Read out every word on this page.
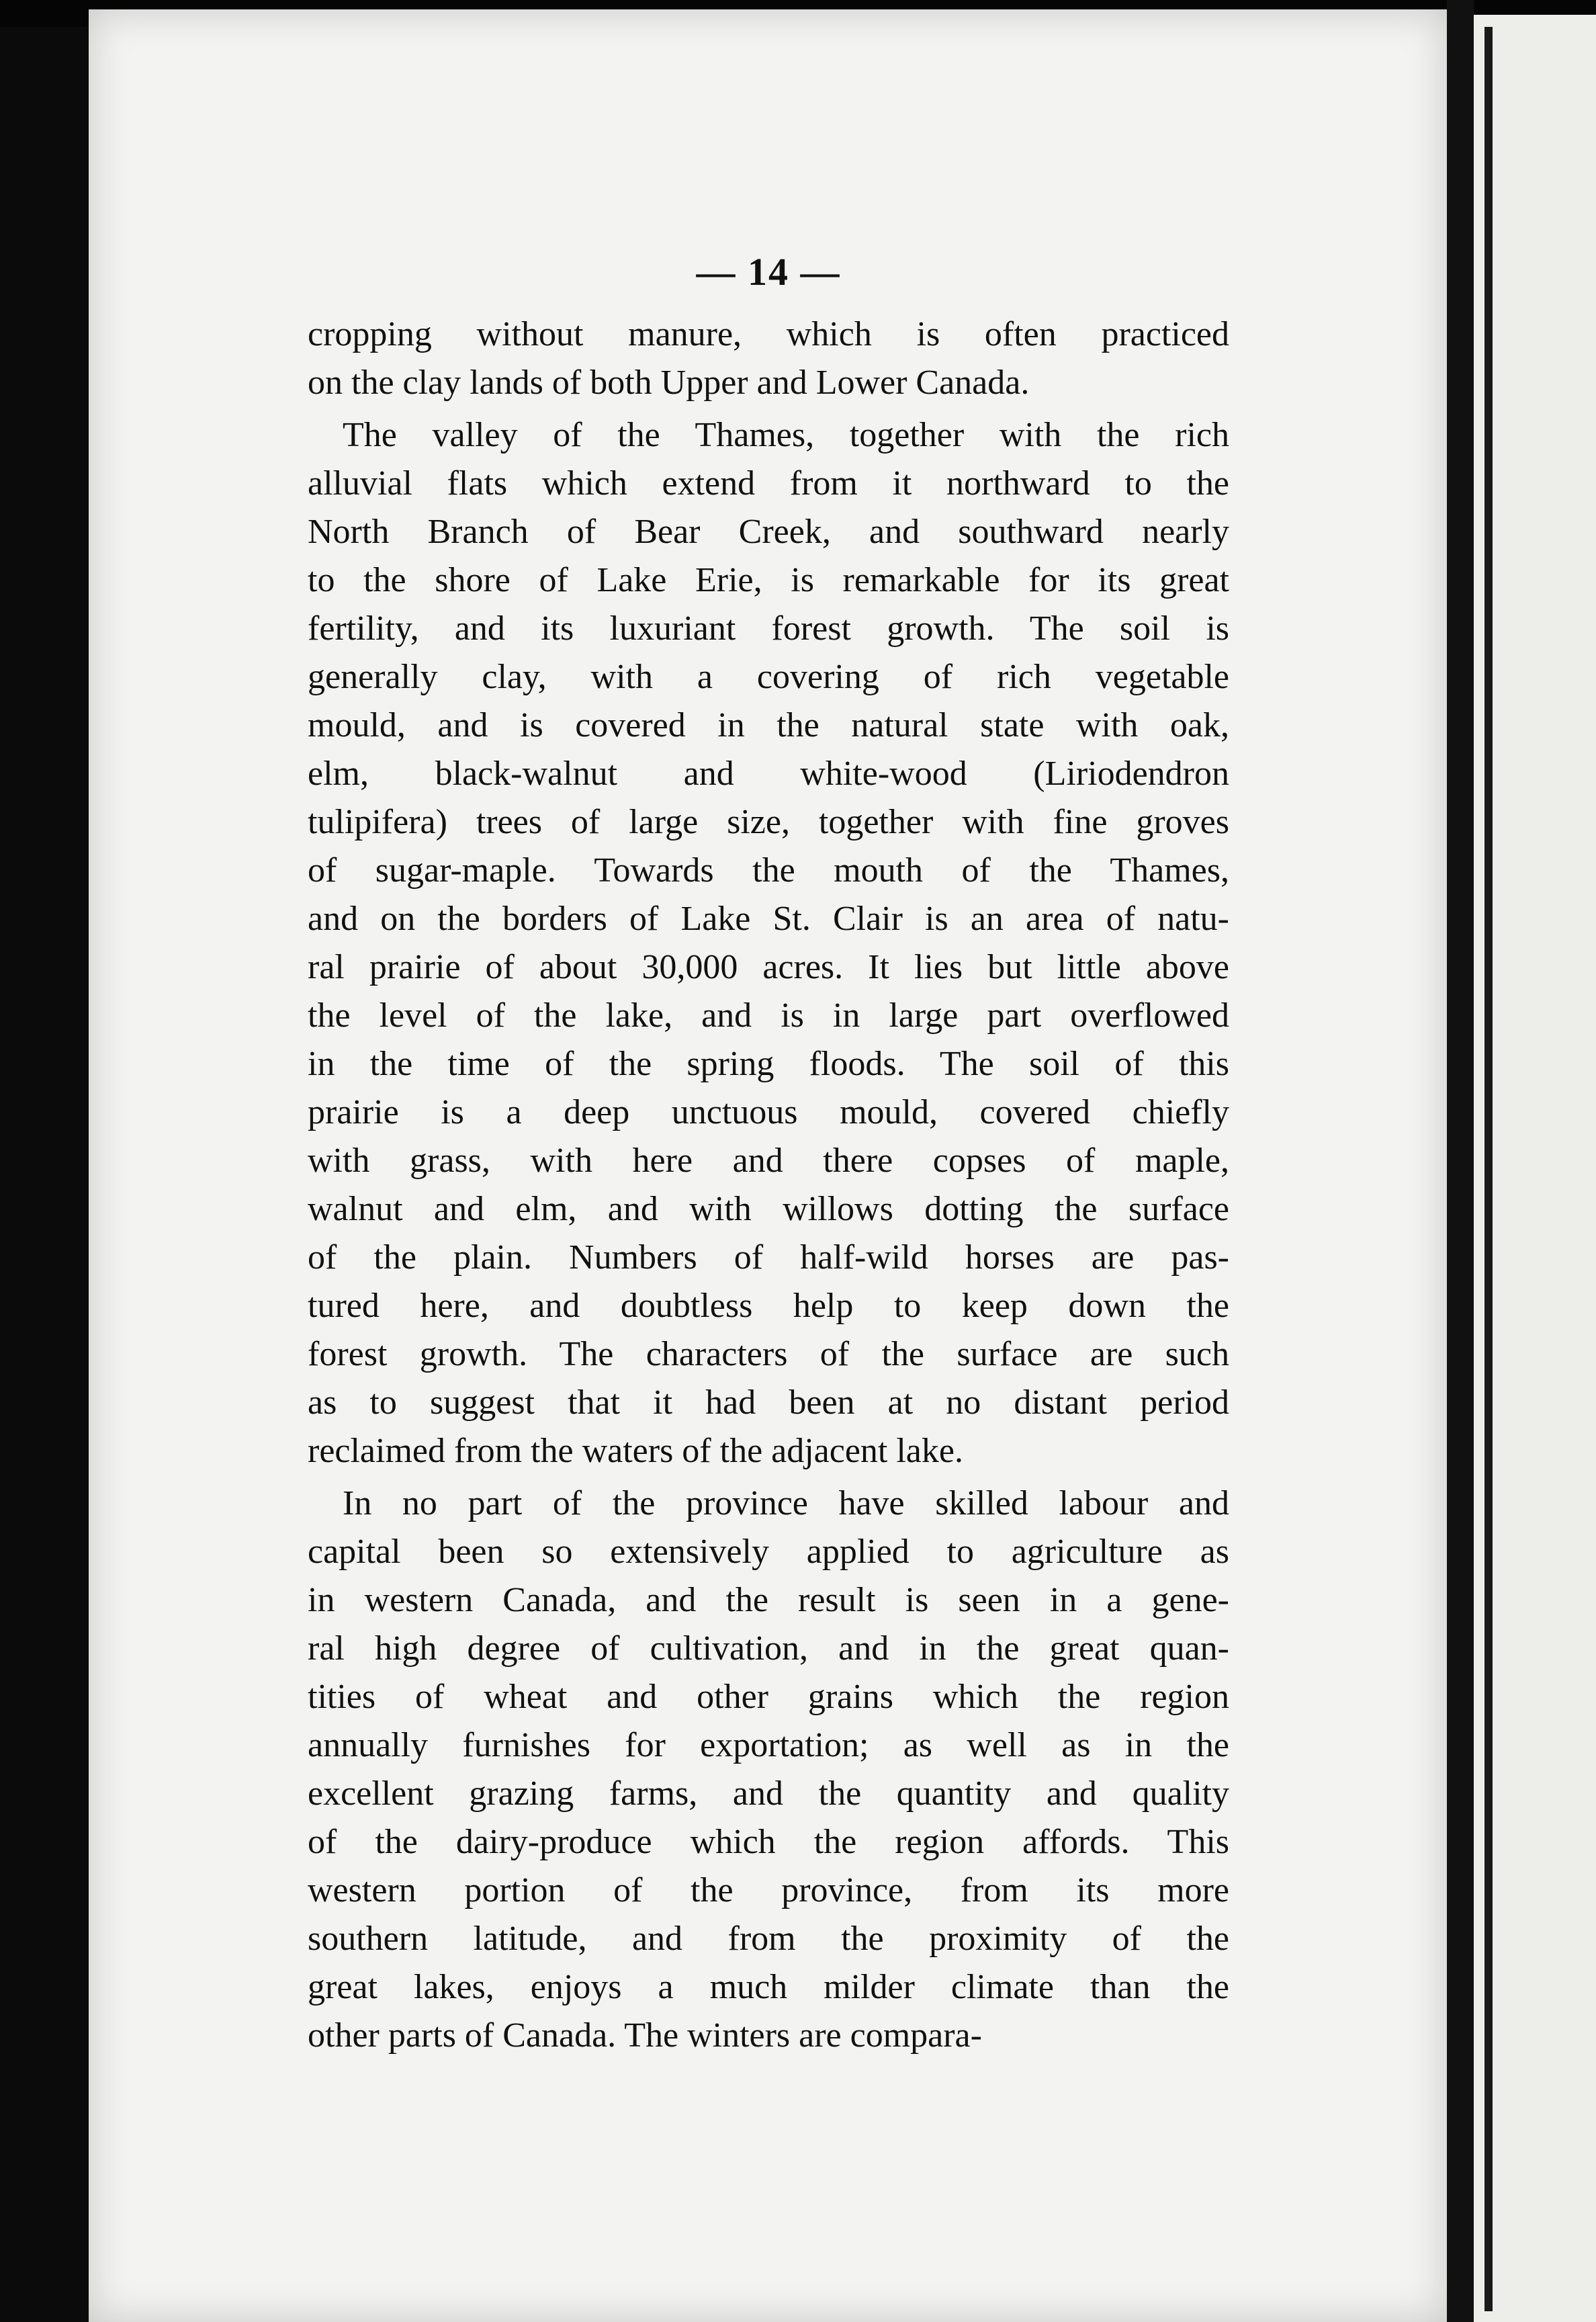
— 14 —
cropping without manure, which is often practiced
on the clay lands of both Upper and Lower Canada.
The valley of the Thames, together with the rich
alluvial flats which extend from it northward to the
North Branch of Bear Creek, and southward nearly
to the shore of Lake Erie, is remarkable for its great
fertility, and its luxuriant forest growth. The soil is
generally clay, with a covering of rich vegetable
mould, and is covered in the natural state with oak,
elm, black-walnut and white-wood (Liriodendron
tulipifera) trees of large size, together with fine groves
of sugar-maple. Towards the mouth of the Thames,
and on the borders of Lake St. Clair is an area of natu-
ral prairie of about 30,000 acres. It lies but little above
the level of the lake, and is in large part overflowed
in the time of the spring floods. The soil of this
prairie is a deep unctuous mould, covered chiefly
with grass, with here and there copses of maple,
walnut and elm, and with willows dotting the surface
of the plain. Numbers of half-wild horses are pas-
tured here, and doubtless help to keep down the
forest growth. The characters of the surface are such
as to suggest that it had been at no distant period
reclaimed from the waters of the adjacent lake.
In no part of the province have skilled labour and
capital been so extensively applied to agriculture as
in western Canada, and the result is seen in a gene-
ral high degree of cultivation, and in the great quan-
tities of wheat and other grains which the region
annually furnishes for exportation; as well as in the
excellent grazing farms, and the quantity and quality
of the dairy-produce which the region affords. This
western portion of the province, from its more
southern latitude, and from the proximity of the
great lakes, enjoys a much milder climate than the
other parts of Canada. The winters are compara-
